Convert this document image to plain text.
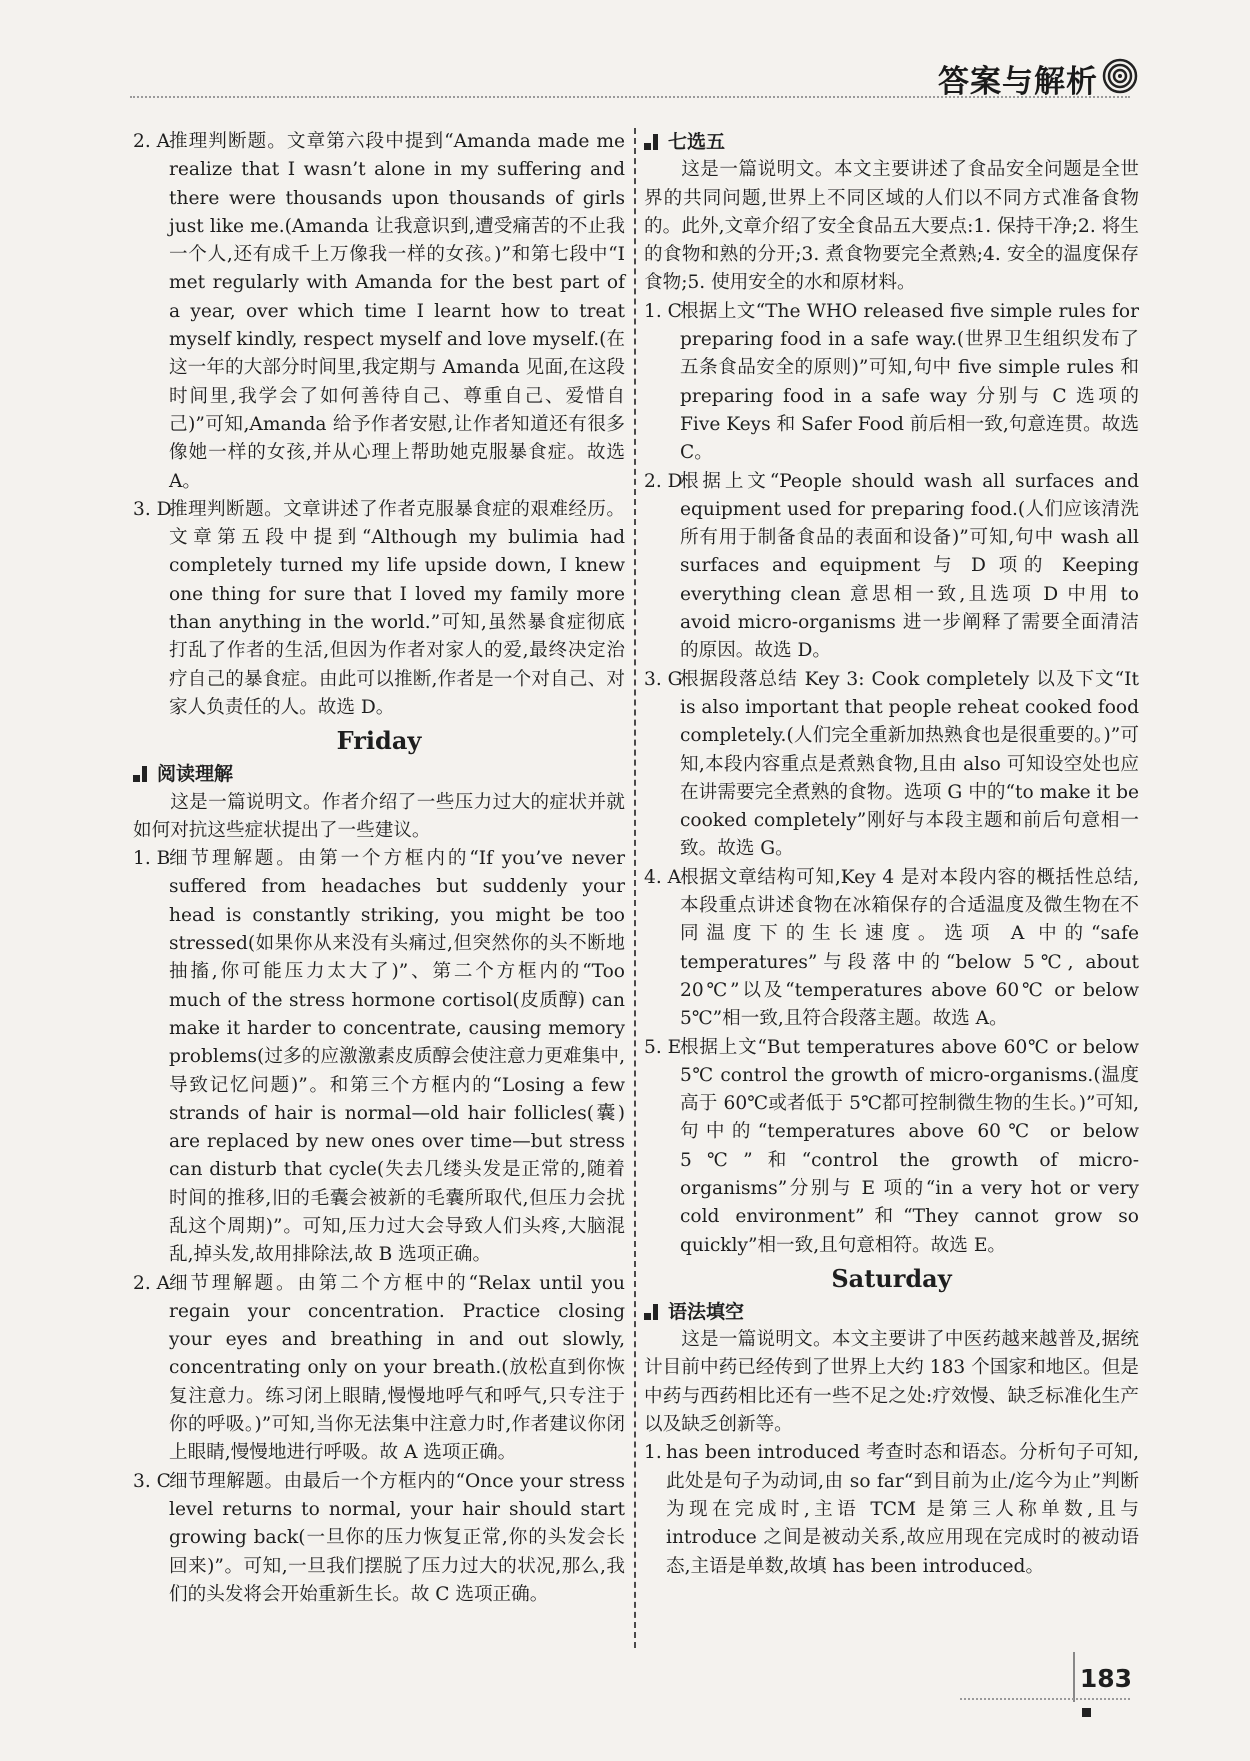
答案与解析
2. A
推理判断题。文章第六段中提到“Amanda made me realize that I wasn’t alone in my suffering and there were thousands upon thousands of girls just like me.(Amanda 让我意识到,遭受痛苦的不止我一个人,还有成千上万像我一样的女孩。)”和第七段中“I met regularly with Amanda for the best part of a year, over which time I learnt how to treat myself kindly, respect myself and love myself.(在这一年的大部分时间里,我定期与 Amanda 见面,在这段时间里,我学会了如何善待自己、尊重自己、爱惜自己)”可知,Amanda 给予作者安慰,让作者知道还有很多像她一样的女孩,并从心理上帮助她克服暴食症。故选 A。
3. D
推理判断题。文章讲述了作者克服暴食症的艰难经历。文章第五段中提到“Although my bulimia had completely turned my life upside down, I knew one thing for sure that I loved my family more than anything in the world.”可知,虽然暴食症彻底打乱了作者的生活,但因为作者对家人的爱,最终决定治疗自己的暴食症。由此可以推断,作者是一个对自己、对家人负责任的人。故选 D。
Friday
阅读理解

这是一篇说明文。作者介绍了一些压力过大的症状并就如何对抗这些症状提出了一些建议。

1. B
细节理解题。由第一个方框内的“If you’ve never suffered from headaches but suddenly your head is constantly striking, you might be too stressed(如果你从来没有头痛过,但突然你的头不断地抽搐,你可能压力太大了)”、第二个方框内的“Too much of the stress hormone cortisol(皮质醇) can make it harder to concentrate, causing memory problems(过多的应激激素皮质醇会使注意力更难集中,导致记忆问题)”。和第三个方框内的“Losing a few strands of hair is normal—old hair follicles(囊) are replaced by new ones over time—but stress can disturb that cycle(失去几缕头发是正常的,随着时间的推移,旧的毛囊会被新的毛囊所取代,但压力会扰乱这个周期)”。可知,压力过大会导致人们头疼,大脑混乱,掉头发,故用排除法,故 B 选项正确。
2. A
细节理解题。由第二个方框中的“Relax until you regain your concentration. Practice closing your eyes and breathing in and out slowly, concentrating only on your breath.(放松直到你恢复注意力。练习闭上眼睛,慢慢地呼气和呼气,只专注于你的呼吸。)”可知,当你无法集中注意力时,作者建议你闭上眼睛,慢慢地进行呼吸。故 A 选项正确。
3. C
细节理解题。由最后一个方框内的“Once your stress level returns to normal, your hair should start growing back(一旦你的压力恢复正常,你的头发会长回来)”。可知,一旦我们摆脱了压力过大的状况,那么,我们的头发将会开始重新生长。故 C 选项正确。
七选五

这是一篇说明文。本文主要讲述了食品安全问题是全世界的共同问题,世界上不同区域的人们以不同方式准备食物的。此外,文章介绍了安全食品五大要点:1. 保持干净;2. 将生的食物和熟的分开;3. 煮食物要完全煮熟;4. 安全的温度保存食物;5. 使用安全的水和原材料。

1. C
根据上文“The WHO released five simple rules for preparing food in a safe way.(世界卫生组织发布了五条食品安全的原则)”可知,句中 five simple rules 和 preparing food in a safe way 分别与 C 选项的 Five Keys 和 Safer Food 前后相一致,句意连贯。故选 C。
2. D
根据上文“People should wash all surfaces and equipment used for preparing food.(人们应该清洗所有用于制备食品的表面和设备)”可知,句中 wash all surfaces and equipment 与 D 项的 Keeping everything clean 意思相一致,且选项 D 中用 to avoid micro-organisms 进一步阐释了需要全面清洁的原因。故选 D。
3. G
根据段落总结 Key 3: Cook completely 以及下文“It is also important that people reheat cooked food completely.(人们完全重新加热熟食也是很重要的。)”可知,本段内容重点是煮熟食物,且由 also 可知设空处也应在讲需要完全煮熟的食物。选项 G 中的“to make it be cooked completely”刚好与本段主题和前后句意相一致。故选 G。
4. A
根据文章结构可知,Key 4 是对本段内容的概括性总结,本段重点讲述食物在冰箱保存的合适温度及微生物在不同温度下的生长速度。选项 A 中的“safe temperatures”与段落中的“below 5℃, about 20℃”以及“temperatures above 60℃ or below 5℃”相一致,且符合段落主题。故选 A。
5. E
根据上文“But temperatures above 60℃ or below 5℃ control the growth of micro-organisms.(温度高于 60℃或者低于 5℃都可控制微生物的生长。)”可知,句中的“temperatures above 60℃ or below 5℃”和“control the growth of micro-organisms”分别与 E 项的“in a very hot or very cold environment”和“They cannot grow so quickly”相一致,且句意相符。故选 E。
Saturday
语法填空

这是一篇说明文。本文主要讲了中医药越来越普及,据统计目前中药已经传到了世界上大约 183 个国家和地区。但是中药与西药相比还有一些不足之处:疗效慢、缺乏标准化生产以及缺乏创新等。

1. has been introduced 考查时态和语态。分析句子可知,此处是句子为动词,由 so far“到目前为止/迄今为止”判断为现在完成时,主语 TCM 是第三人称单数,且与 introduce 之间是被动关系,故应用现在完成时的被动语态,主语是单数,故填 has been introduced。
183
